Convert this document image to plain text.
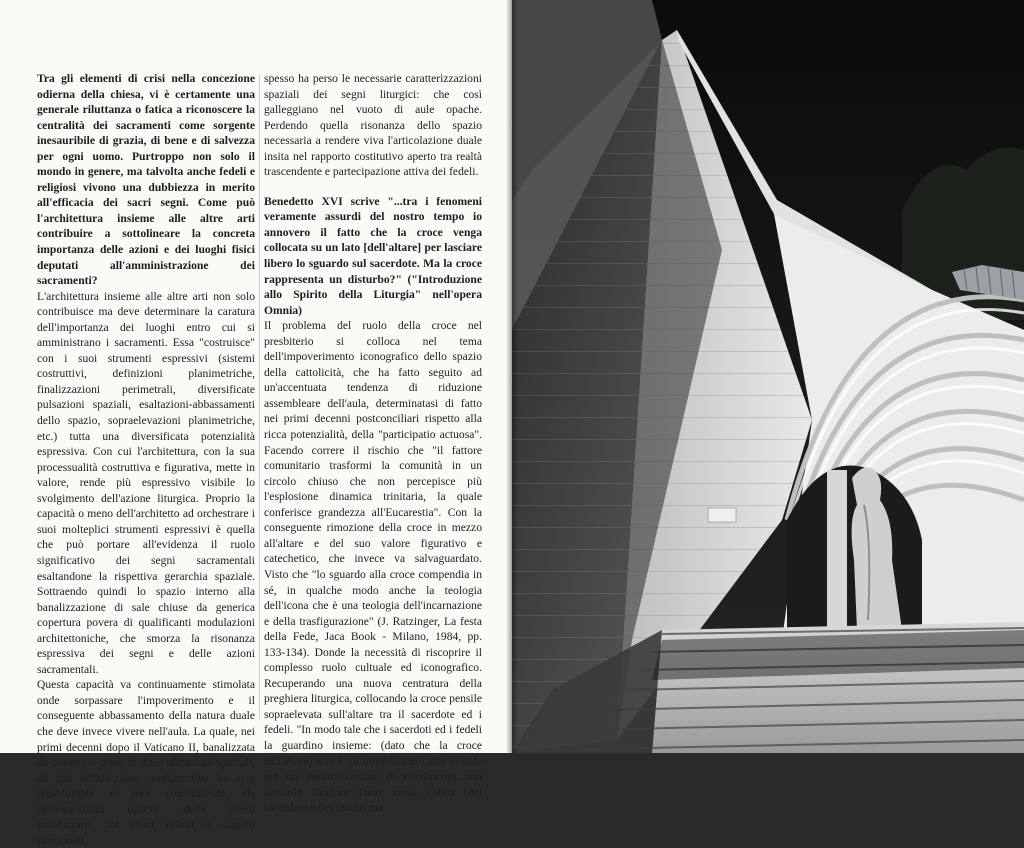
Tra gli elementi di crisi nella concezione odierna della chiesa, vi è certamente una generale riluttanza o fatica a riconoscere la centralità dei sacramenti come sorgente inesauribile di grazia, di bene e di salvezza per ogni uomo. Purtroppo non solo il mondo in genere, ma talvolta anche fedeli e religiosi vivono una dubbiezza in merito all'efficacia dei sacri segni. Come può l'architettura insieme alle altre arti contribuire a sottolineare la concreta importanza delle azioni e dei luoghi fisici deputati all'amministrazione dei sacramenti?

L'architettura insieme alle altre arti non solo contribuisce ma deve determinare la caratura dell'importanza dei luoghi entro cui si amministrano i sacramenti. Essa "costruisce" con i suoi strumenti espressivi (sistemi costruttivi, definizioni planimetriche, finalizzazioni perimetrali, diversificate pulsazioni spaziali, esaltazioni-abbassamenti dello spazio, sopraelevazioni planimetriche, etc.) tutta una diversificata potenzialità espressiva. Con cui l'architettura, con la sua processualità costruttiva e figurativa, mette in valore, rende più espressivo visibile lo svolgimento dell'azione liturgica. Proprio la capacità o meno dell'architetto ad orchestrare i suoi molteplici strumenti espressivi è quella che può portare all'evidenza il ruolo significativo dei segni sacramentali esaltandone la rispettiva gerarchia spaziale. Sottraendo quindi lo spazio interno alla banalizzazione di sale chiuse da generica copertura povera di qualificanti modulazioni architettoniche, che smorza la risonanza espressiva dei segni e delle azioni sacramentali.

Questa capacità va continuamente stimolata onde sorpassare l'impoverimento e il conseguente abbassamento della natura duale che deve invece vivere nell'aula. La quale, nei primi decenni dopo il Vaticano II, banalizzata da coperture prive di diversificazioni spaziali, da una indistinzione configurativa tra area presbiteriale e area comunionale, da perimetrazioni opache delle pareti involucranti, da altari ridotti a oggetti funzionali,

spesso ha perso le necessarie caratterizzazioni spaziali dei segni liturgici: che così galleggiano nel vuoto di aule opache. Perdendo quella risonanza dello spazio necessaria a rendere viva l'articolazione duale insita nel rapporto costitutivo aperto tra realtà trascendente e partecipazione attiva dei fedeli.

Benedetto XVI scrive "...tra i fenomeni veramente assurdi del nostro tempo io annovero il fatto che la croce venga collocata su un lato [dell'altare] per lasciare libero lo sguardo sul sacerdote. Ma la croce rappresenta un disturbo?" ("Introduzione allo Spirito della Liturgia" nell'opera Omnia)

Il problema del ruolo della croce nel presbiterio si colloca nel tema dell'impoverimento iconografico dello spazio della cattolicità, che ha fatto seguito ad un'accentuata tendenza di riduzione assembleare dell'aula, determinatasi di fatto nei primi decenni postconciliari rispetto alla ricca potenzialità, della "participatio actuosa". Facendo correre il rischio che "il fattore comunitario trasformi la comunità in un circolo chiuso che non percepisce più l'esplosione dinamica trinitaria, la quale conferisce grandezza all'Eucarestia". Con la conseguente rimozione della croce in mezzo all'altare e del suo valore figurativo e catechetico, che invece va salvaguardato. Visto che "lo sguardo alla croce compendia in sé, in qualche modo anche la teologia dell'icona che è una teologia dell'incarnazione e della trasfigurazione" (J. Ratzinger, La festa della Fede, Jaca Book - Milano, 1984, pp. 133-134). Donde la necessità di riscoprire il complesso ruolo cultuale ed iconografico. Recuperando una nuova centratura della preghiera liturgica, collocando la croce pensile sopraelevata sull'altare tra il sacerdote ed i fedeli. "In modo tale che i sacerdoti ed i fedeli la guardino insieme: (dato che la croce sull'altare) non è un impedimento alla visuale ma un punto comune di riferimento...non ostacola l'andare l'uno verso l'altro (del sacerdote e dei fedeli) ma
